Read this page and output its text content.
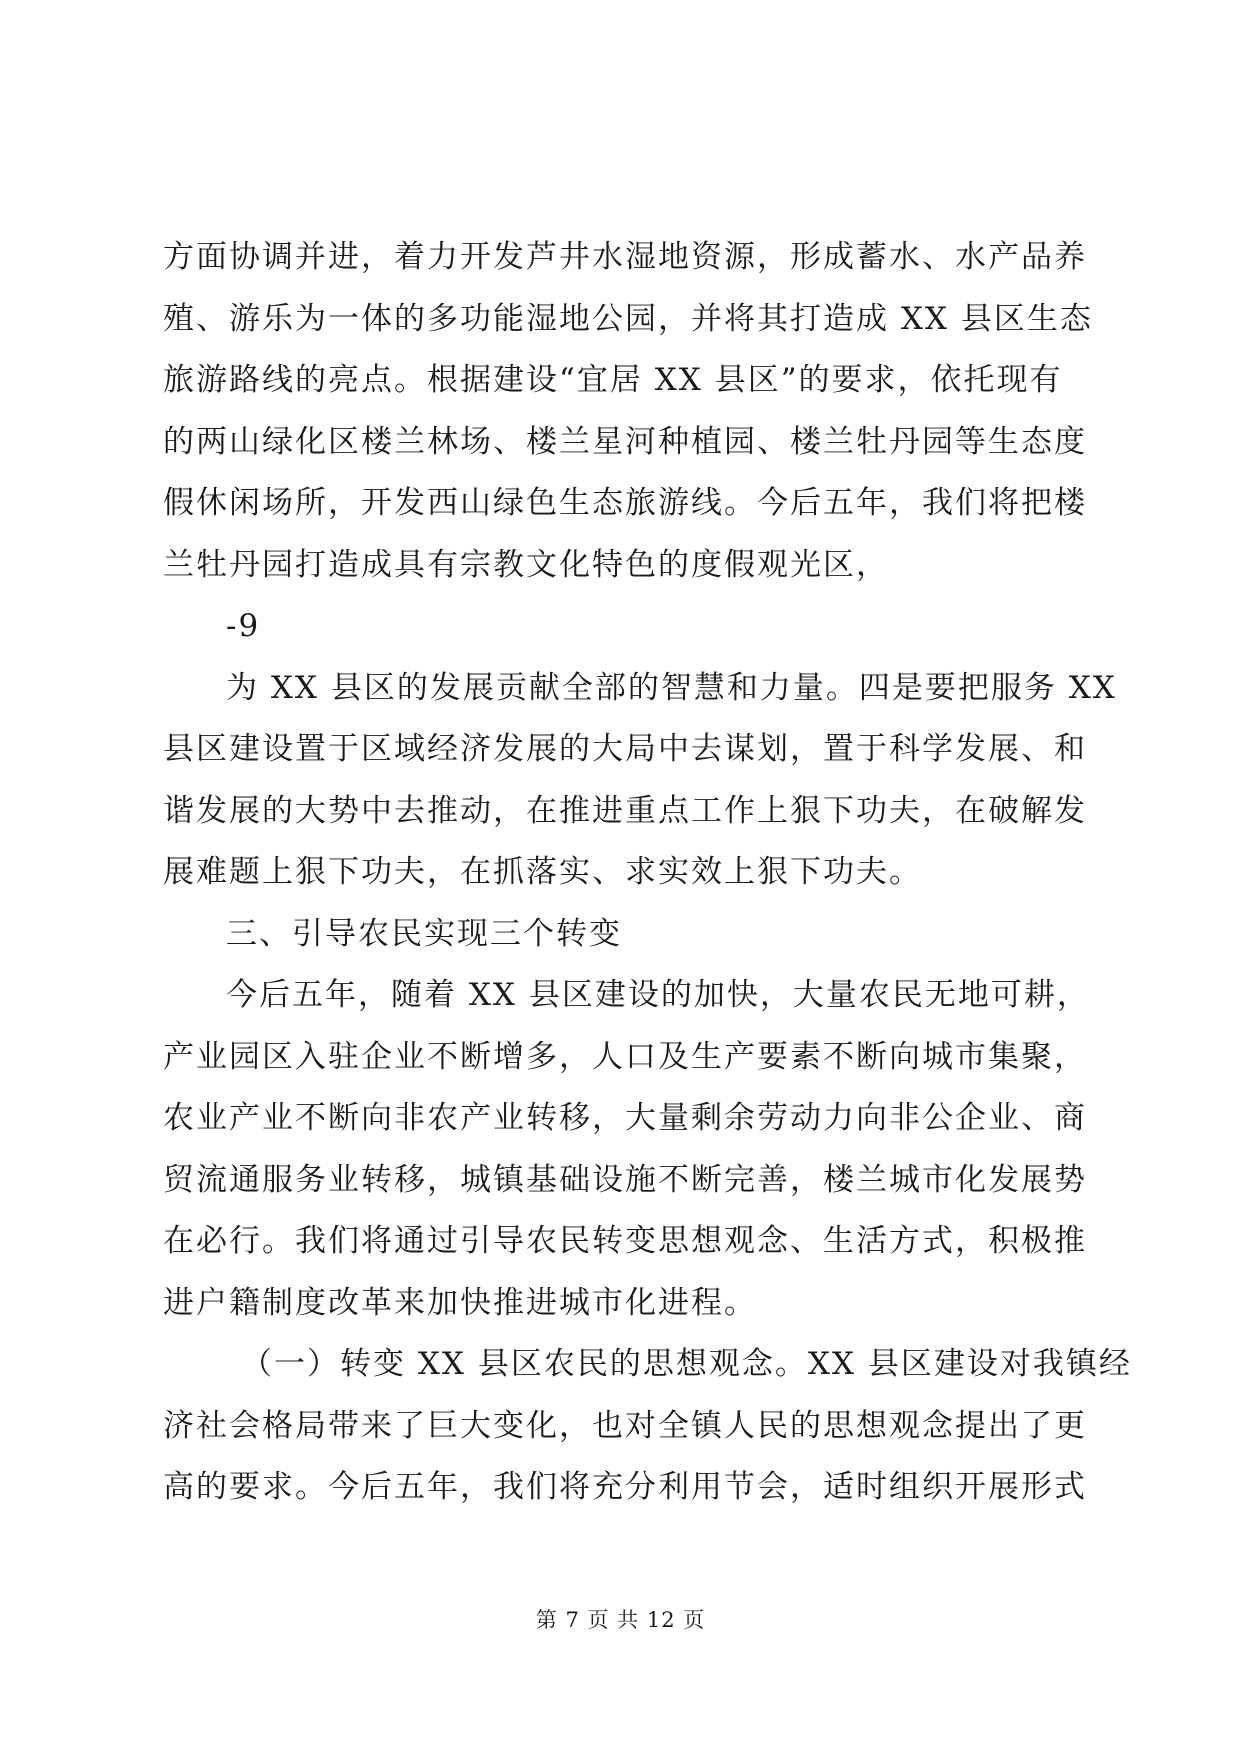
方面协调并进，着力开发芦井水湿地资源，形成蓄水、水产品养
殖、游乐为一体的多功能湿地公园，并将其打造成 XX 县区生态
旅游路线的亮点。根据建设“宜居 XX 县区”的要求，依托现有
的两山绿化区楼兰林场、楼兰星河种植园、楼兰牡丹园等生态度
假休闲场所，开发西山绿色生态旅游线。今后五年，我们将把楼
兰牡丹园打造成具有宗教文化特色的度假观光区，
-9
为 XX 县区的发展贡献全部的智慧和力量。四是要把服务 XX
县区建设置于区域经济发展的大局中去谋划，置于科学发展、和
谐发展的大势中去推动，在推进重点工作上狠下功夫，在破解发
展难题上狠下功夫，在抓落实、求实效上狠下功夫。
三、引导农民实现三个转变
今后五年，随着 XX 县区建设的加快，大量农民无地可耕，
产业园区入驻企业不断增多，人口及生产要素不断向城市集聚，
农业产业不断向非农产业转移，大量剩余劳动力向非公企业、商
贸流通服务业转移，城镇基础设施不断完善，楼兰城市化发展势
在必行。我们将通过引导农民转变思想观念、生活方式，积极推
进户籍制度改革来加快推进城市化进程。
（一）转变 XX 县区农民的思想观念。XX 县区建设对我镇经
济社会格局带来了巨大变化，也对全镇人民的思想观念提出了更
高的要求。今后五年，我们将充分利用节会，适时组织开展形式
第 7 页 共 12 页
